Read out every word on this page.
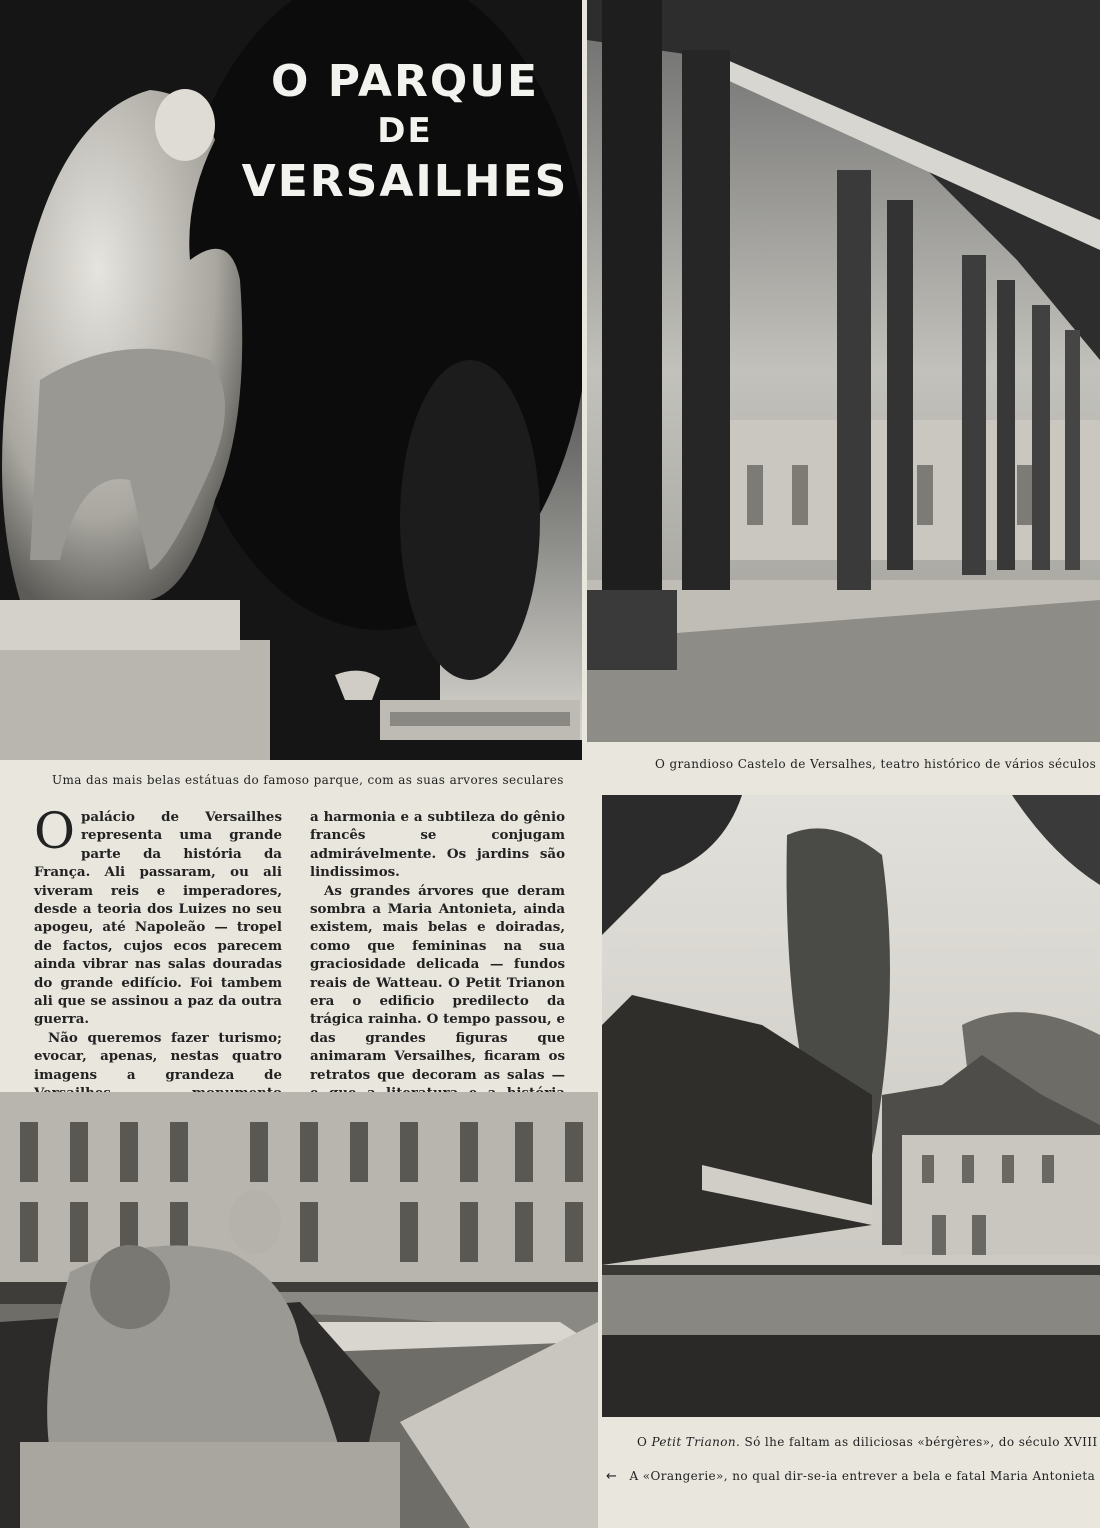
O PARQUE
DE
VERSAILHES
Uma das mais belas estátuas do famoso parque, com as suas arvores seculares
O grandioso Castelo de Versalhes, teatro histórico de vários séculos

Opalácio de Versailhes representa uma grande parte da história da França. Ali passaram, ou ali viveram reis e imperadores, desde a teoria dos Luizes no seu apogeu, até Napoleão — tropel de factos, cujos ecos parecem ainda vibrar nas salas douradas do grande edifício. Foi tambem ali que se assinou a paz da outra guerra.

Não queremos fazer turismo; evocar, apenas, nestas quatro imagens a grandeza de

a harmonia e a subtileza do gênio francês se conjugam admirávelmente. Os jardins são lindissimos.

As grandes árvores que deram sombra a Maria Antonieta, ainda existem, mais belas e doiradas, como que femininas na sua graciosidade delicada — fundos reais de Watteau. O Petit Trianon era o edificio predilecto da trágica rainha. O tempo passou, e das grandes figuras que animaram Versailhes, ficaram os retratos que decoram as salas —

O Petit Trianon. Só lhe faltam as diliciosas «bérgères», do século XVIII
← A «Orangerie», no qual dir-se-ia entrever a bela e fatal Maria Antonieta
